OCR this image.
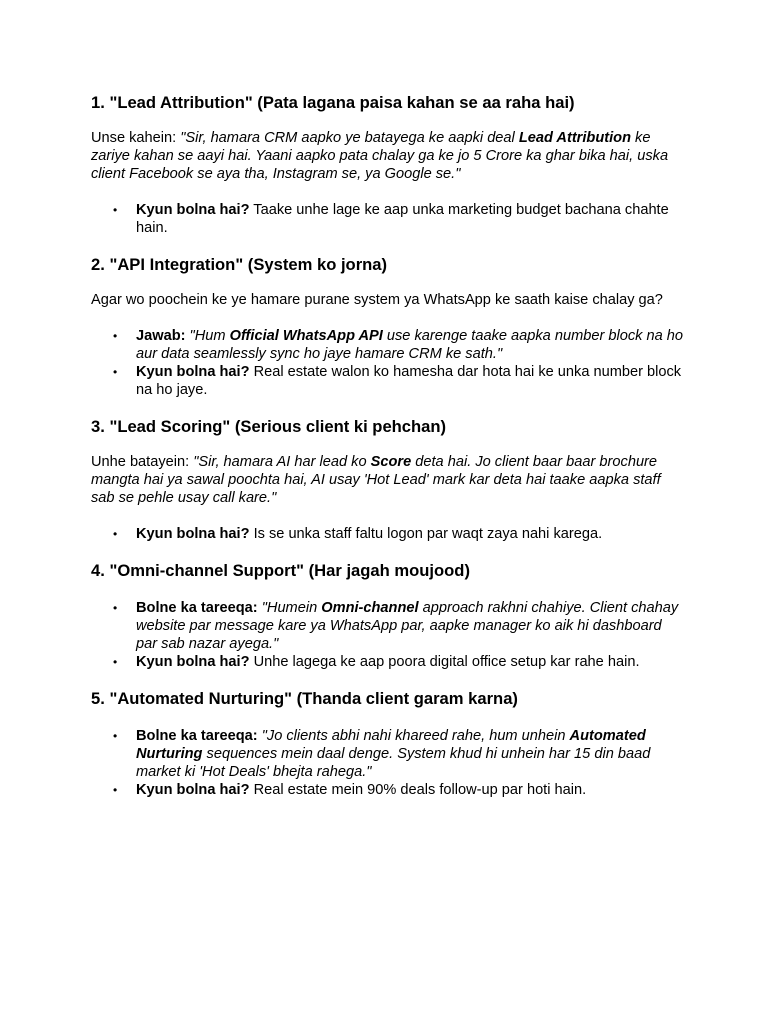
1. "Lead Attribution" (Pata lagana paisa kahan se aa raha hai)

Unse kahein: "Sir, hamara CRM aapko ye batayega ke aapki deal Lead Attribution ke zariye kahan se aayi hai. Yaani aapko pata chalay ga ke jo 5 Crore ka ghar bika hai, uska client Facebook se aya tha, Instagram se, ya Google se."

• Kyun bolna hai? Taake unhe lage ke aap unka marketing budget bachana chahte hain.
2. "API Integration" (System ko jorna)

Agar wo poochein ke ye hamare purane system ya WhatsApp ke saath kaise chalay ga?

• Jawab: "Hum Official WhatsApp API use karenge taake aapka number block na ho aur data seamlessly sync ho jaye hamare CRM ke sath."
• Kyun bolna hai? Real estate walon ko hamesha dar hota hai ke unka number block na ho jaye.
3. "Lead Scoring" (Serious client ki pehchan)

Unhe batayein: "Sir, hamara AI har lead ko Score deta hai. Jo client baar baar brochure mangta hai ya sawal poochta hai, AI usay 'Hot Lead' mark kar deta hai taake aapka staff sab se pehle usay call kare."

• Kyun bolna hai? Is se unka staff faltu logon par waqt zaya nahi karega.
4. "Omni-channel Support" (Har jagah moujood)
• Bolne ka tareeqa: "Humein Omni-channel approach rakhni chahiye. Client chahay website par message kare ya WhatsApp par, aapke manager ko aik hi dashboard par sab nazar ayega."
• Kyun bolna hai? Unhe lagega ke aap poora digital office setup kar rahe hain.
5. "Automated Nurturing" (Thanda client garam karna)
• Bolne ka tareeqa: "Jo clients abhi nahi khareed rahe, hum unhein Automated Nurturing sequences mein daal denge. System khud hi unhein har 15 din baad market ki 'Hot Deals' bhejta rahega."
• Kyun bolna hai? Real estate mein 90% deals follow-up par hoti hain.
